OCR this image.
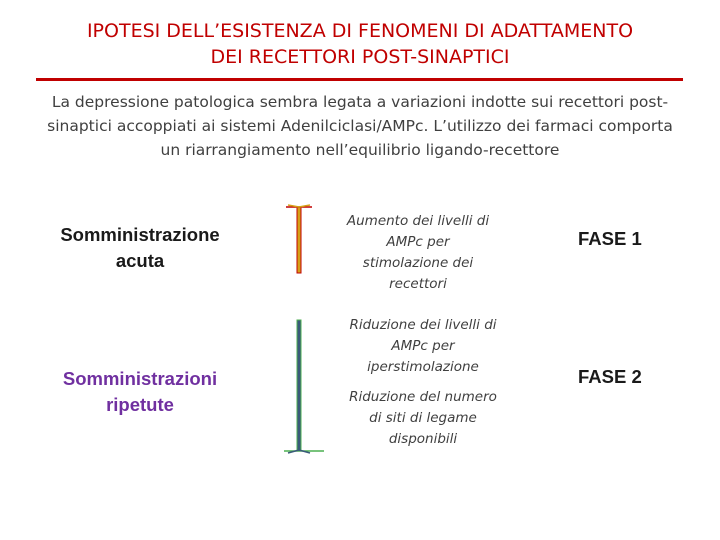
IPOTESI DELL’ESISTENZA DI FENOMENI DI ADATTAMENTO
DEI RECETTORI POST-SINAPTICI
La depressione patologica sembra legata a variazioni indotte sui recettori post-
sinaptici accoppiati ai sistemi Adenilciclasi/AMPc. L’utilizzo dei farmaci comporta
un riarrangiamento nell’equilibrio ligando-recettore
Somministrazione
acuta
Somministrazioni
ripetute
Aumento dei livelli di
AMPc per
stimolazione dei
recettori
Riduzione dei livelli di
AMPc per
iperstimolazione
Riduzione del numero
di siti di legame
disponibili
FASE 1
FASE 2
